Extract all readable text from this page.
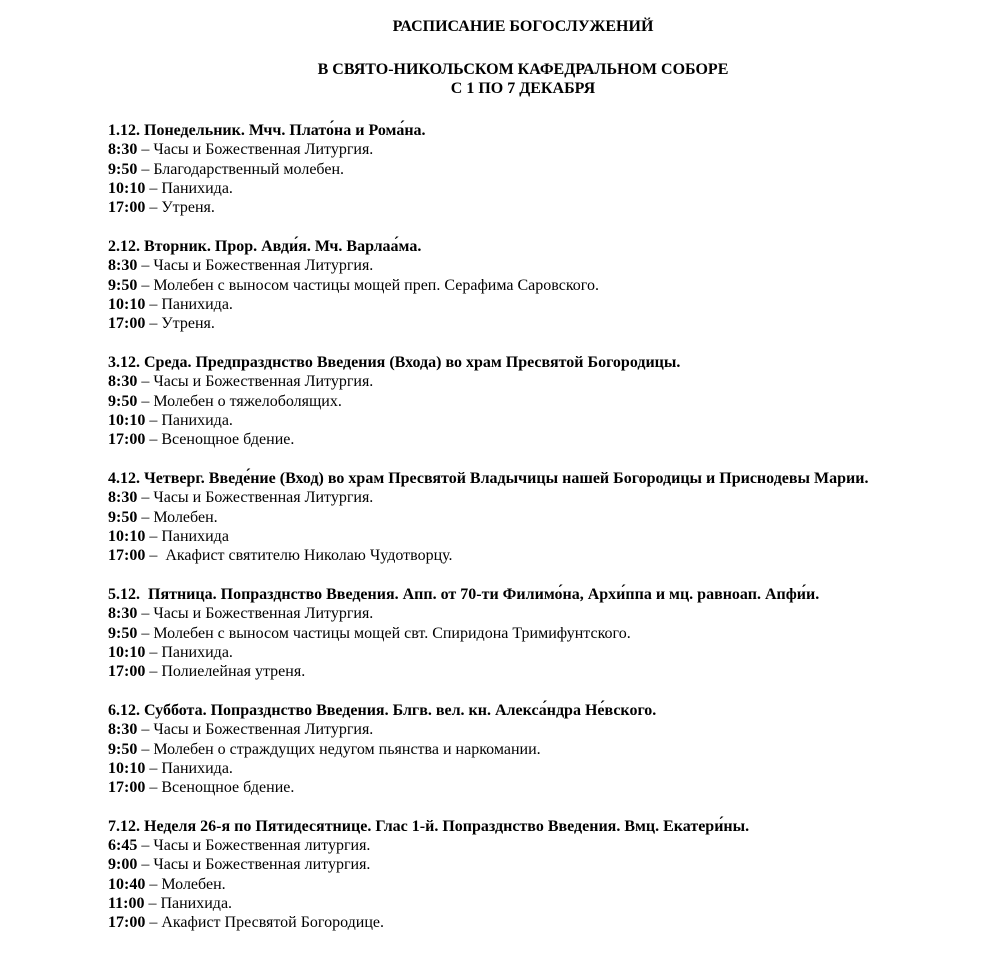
РАСПИСАНИЕ БОГОСЛУЖЕНИЙ
В СВЯТО-НИКОЛЬСКОМ КАФЕДРАЛЬНОМ СОБОРЕ
С 1 ПО 7 ДЕКАБРЯ
1.12. Понедельник. Мчч. Плато́на и Рома́на.
8:30 – Часы и Божественная Литургия.
9:50 – Благодарственный молебен.
10:10 – Панихида.
17:00 – Утреня.
2.12. Вторник. Прор. Авди́я. Мч. Варлаа́ма.
8:30 – Часы и Божественная Литургия.
9:50 – Молебен с выносом частицы мощей преп. Серафима Саровского.
10:10 – Панихида.
17:00 – Утреня.
3.12. Среда. Предпразднство Введения (Входа) во храм Пресвятой Богородицы.
8:30 – Часы и Божественная Литургия.
9:50 – Молебен о тяжелоболящих.
10:10 – Панихида.
17:00 – Всенощное бдение.
4.12. Четверг. Введе́ние (Вход) во храм Пресвятой Владычицы нашей Богородицы и Приснодевы Марии.
8:30 – Часы и Божественная Литургия.
9:50 – Молебен.
10:10 – Панихида
17:00 –  Акафист святителю Николаю Чудотворцу.
5.12.  Пятница. Попразднство Введения. Апп. от 70-ти Филимо́на, Архи́ппа и мц. равноап. Апфи́и.
8:30 – Часы и Божественная Литургия.
9:50 – Молебен с выносом частицы мощей свт. Спиридона Тримифунтского.
10:10 – Панихида.
17:00 – Полиелейная утреня.
6.12. Суббота. Попразднство Введения. Блгв. вел. кн. Алекса́ндра Не́вского.
8:30 – Часы и Божественная Литургия.
9:50 – Молебен о страждущих недугом пьянства и наркомании.
10:10 – Панихида.
17:00 – Всенощное бдение.
7.12. Неделя 26-я по Пятидесятнице. Глас 1-й. Попразднство Введения. Вмц. Екатери́ны.
6:45 – Часы и Божественная литургия.
9:00 – Часы и Божественная литургия.
10:40 – Молебен.
11:00 – Панихида.
17:00 – Акафист Пресвятой Богородице.
